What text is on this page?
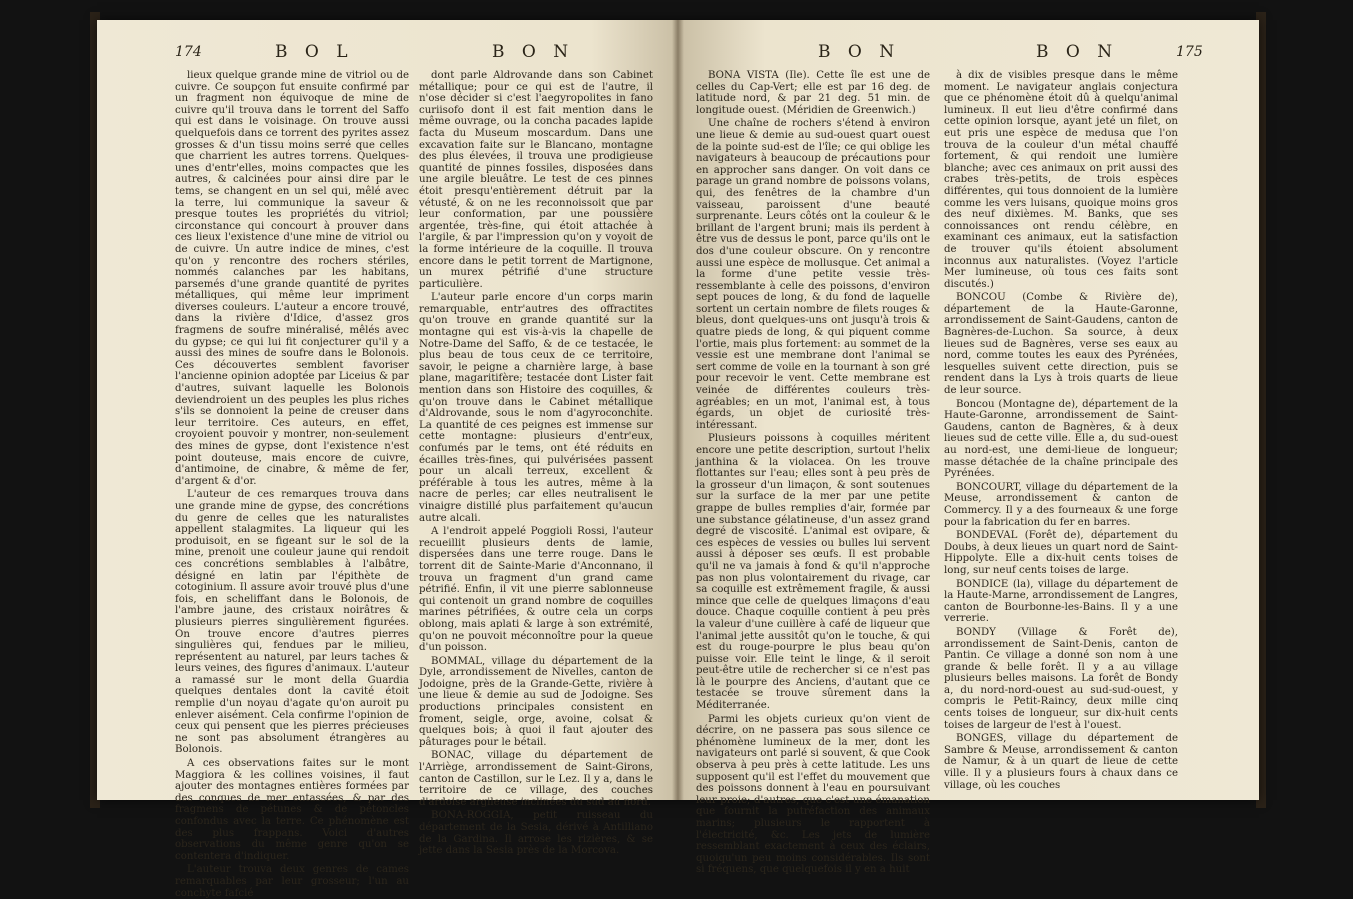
174	B O L	B O N

lieux quelque grande mine de vitriol ou de cuivre. Ce soupçon fut ensuite confirmé par un fragment non équivoque de mine de cuivre qu'il trouva dans le torrent del Saffo qui est dans le voisinage. On trouve aussi quelquefois dans ce torrent des pyrites assez grosses & d'un tissu moins serré que celles que charrient les autres torrens. Quelques-unes d'entr'elles, moins compactes que les autres, & calcinées pour ainsi dire par le tems, se changent en un sel qui, mêlé avec la terre, lui communique la saveur & presque toutes les propriétés du vitriol; circonstance qui concourt à prouver dans ces lieux l'existence d'une mine de vitriol ou de cuivre. Un autre indice de mines, c'est qu'on y rencontre des rochers stériles, nommés calanches par les habitans, parsemés d'une grande quantité de pyrites métalliques, qui même leur impriment diverses couleurs. L'auteur a encore trouvé, dans la rivière d'Idice, d'assez gros fragmens de soufre minéralisé, mêlés avec du gypse; ce qui lui fit conjecturer qu'il y a aussi des mines de soufre dans le Bolonois. Ces découvertes semblent favoriser l'ancienne opinion adoptée par Liceius & par d'autres, suivant laquelle les Bolonois deviendroient un des peuples les plus riches s'ils se donnoient la peine de creuser dans leur territoire. Ces auteurs, en effet, croyoient pouvoir y montrer, non-seulement des mines de gypse, dont l'existence n'est point douteuse, mais encore de cuivre, d'antimoine, de cinabre, & même de fer, d'argent & d'or.

L'auteur de ces remarques trouva dans une grande mine de gypse, des concrétions du genre de celles que les naturalistes appellent stalagmites. La liqueur qui les produisoit, en se figeant sur le sol de la mine, prenoit une couleur jaune qui rendoit ces concrétions semblables à l'albâtre, désigné en latin par l'épithète de cotoginium. Il assure avoir trouvé plus d'une fois, en scheliffant dans le Bolonois, de l'ambre jaune, des cristaux noirâtres & plusieurs pierres singulièrement figurées. On trouve encore d'autres pierres singulières qui, fendues par le milieu, représentent au naturel, par leurs taches & leurs veines, des figures d'animaux. L'auteur a ramassé sur le mont della Guardia quelques dentales dont la cavité étoit remplie d'un noyau d'agate qu'on auroit pu enlever aisément. Cela confirme l'opinion de ceux qui pensent que les pierres précieuses ne sont pas absolument étrangères au Bolonois.

A ces observations faites sur le mont Maggiora & les collines voisines, il faut ajouter des montagnes entières formées par des conques de mer entassées, & par des fragmens de pétunes & de pétoncles confondus avec la terre. Ce phénomène est des plus frappans. Voici d'autres observations du même genre qu'on se contentera d'indiquer.

L'auteur trouva deux genres de cames remarquables par leur grosseur; l'un au conchyte fafcié

dont parle Aldrovande dans son Cabinet métallique; pour ce qui est de l'autre, il n'ose décider si c'est l'aegyropolites in fano curiisofo dont il est fait mention dans le même ouvrage, ou la concha pacades lapide facta du Museum moscardum. Dans une excavation faite sur le Blancano, montagne des plus élevées, il trouva une prodigieuse quantité de pinnes fossiles, disposées dans une argile bleuâtre. Le test de ces pinnes étoit presqu'entièrement détruit par la vétusté, & on ne les reconnoissoit que par leur conformation, par une poussière argentée, très-fine, qui étoit attachée à l'argile, & par l'impression qu'on y voyoit de la forme intérieure de la coquille. Il trouva encore dans le petit torrent de Martignone, un murex pétrifié d'une structure particulière.

L'auteur parle encore d'un corps marin remarquable, entr'autres des offractites qu'on trouve en grande quantité sur la montagne qui est vis-à-vis la chapelle de Notre-Dame del Saffo, & de ce testacée, le plus beau de tous ceux de ce territoire, savoir, le peigne a charnière large, à base plane, magaritifère; testacée dont Lister fait mention dans son Histoire des coquilles, & qu'on trouve dans le Cabinet métallique d'Aldrovande, sous le nom d'agyroconchite. La quantité de ces peignes est immense sur cette montagne: plusieurs d'entr'eux, confumés par le tems, ont été réduits en écailles très-fines, qui pulvérisées passent pour un alcali terreux, excellent & préférable à tous les autres, même à la nacre de perles; car elles neutralisent le vinaigre distillé plus parfaitement qu'aucun autre alcali.

A l'endroit appelé Poggioli Rossi, l'auteur recueillit plusieurs dents de lamie, dispersées dans une terre rouge. Dans le torrent dit de Sainte-Marie d'Anconnano, il trouva un fragment d'un grand came pétrifié. Enfin, il vit une pierre sablonneuse qui contenoit un grand nombre de coquilles marines pétrifiées, & outre cela un corps oblong, mais aplati & large à son extrémité, qu'on ne pouvoit méconnoître pour la queue d'un poisson.

BOMMAL, village du département de la Dyle, arrondissement de Nivelles, canton de Jodoigne, près de la Grande-Gette, rivière à une lieue & demie au sud de Jodoigne. Ses productions principales consistent en froment, seigle, orge, avoine, colsat & quelques bois; à quoi il faut ajouter des pâturages pour le bétail.

BONAC, village du département de l'Arriège, arrondissement de Saint-Girons, canton de Castillon, sur le Lez. Il y a, dans le territoire de ce village, des couches d'ardoise argileuse inclinées du sud au nord.

BONA-ROGGIA, petit ruisseau du département de la Sesia, dérivé à Antilliano de la Gardina. Il arrose les rizières, & se jette dans la Sesia près de la Morcova.

B O N	B O N	175

BONA VISTA (Ile). Cette île est une de celles du Cap-Vert; elle est par 16 deg. de latitude nord, & par 21 deg. 51 min. de longitude ouest. (Méridien de Greenwich.)

Une chaîne de rochers s'étend à environ une lieue & demie au sud-ouest quart ouest de la pointe sud-est de l'île; ce qui oblige les navigateurs à beaucoup de précautions pour en approcher sans danger. On voit dans ce parage un grand nombre de poissons volans, qui, des fenêtres de la chambre d'un vaisseau, paroissent d'une beauté surprenante. Leurs côtés ont la couleur & le brillant de l'argent bruni; mais ils perdent à être vus de dessus le pont, parce qu'ils ont le dos d'une couleur obscure. On y rencontre aussi une espèce de mollusque. Cet animal a la forme d'une petite vessie très-ressemblante à celle des poissons, d'environ sept pouces de long, & du fond de laquelle sortent un certain nombre de filets rouges & bleus, dont quelques-uns ont jusqu'à trois & quatre pieds de long, & qui piquent comme l'ortie, mais plus fortement: au sommet de la vessie est une membrane dont l'animal se sert comme de voile en la tournant à son gré pour recevoir le vent. Cette membrane est veinée de différentes couleurs très-agréables; en un mot, l'animal est, à tous égards, un objet de curiosité très-intéressant.

Plusieurs poissons à coquilles méritent encore une petite description, surtout l'helix janthina & la violacea. On les trouve flottantes sur l'eau; elles sont à peu près de la grosseur d'un limaçon, & sont soutenues sur la surface de la mer par une petite grappe de bulles remplies d'air, formée par une substance gélatineuse, d'un assez grand degré de viscosité. L'animal est ovipare, & ces espèces de vessies ou bulles lui servent aussi à déposer ses œufs. Il est probable qu'il ne va jamais à fond & qu'il n'approche pas non plus volontairement du rivage, car sa coquille est extrêmement fragile, & aussi mince que celle de quelques limaçons d'eau douce. Chaque coquille contient à peu près la valeur d'une cuillère à café de liqueur que l'animal jette aussitôt qu'on le touche, & qui est du rouge-pourpre le plus beau qu'on puisse voir. Elle teint le linge, & il seroit peut-être utile de rechercher si ce n'est pas là le pourpre des Anciens, d'autant que ce testacée se trouve sûrement dans la Méditerranée.

Parmi les objets curieux qu'on vient de décrire, on ne passera pas sous silence ce phénomène lumineux de la mer, dont les navigateurs ont parlé si souvent, & que Cook observa à peu près à cette latitude. Les uns supposent qu'il est l'effet du mouvement que des poissons donnent à l'eau en poursuivant leur proie; d'autres, que c'est une émanation que fournit la putréfaction des animaux marins; plusieurs le rapportent à l'électricité, &c. Les jets de lumière ressemblant exactement à ceux des éclairs, quoiqu'un peu moins considérables. Ils sont si fréquens, que quelquefois il y en a huit

à dix de visibles presque dans le même moment. Le navigateur anglais conjectura que ce phénomène étoit dû à quelqu'animal lumineux. Il eut lieu d'être confirmé dans cette opinion lorsque, ayant jeté un filet, on eut pris une espèce de medusa que l'on trouva de la couleur d'un métal chauffé fortement, & qui rendoit une lumière blanche; avec ces animaux on prit aussi des crabes très-petits, de trois espèces différentes, qui tous donnoient de la lumière comme les vers luisans, quoique moins gros des neuf dixièmes. M. Banks, que ses connoissances ont rendu célèbre, en examinant ces animaux, eut la satisfaction de trouver qu'ils étoient absolument inconnus aux naturalistes. (Voyez l'article Mer lumineuse, où tous ces faits sont discutés.)

BONCOU (Combe & Rivière de), département de la Haute-Garonne, arrondissement de Saint-Gaudens, canton de Bagnères-de-Luchon. Sa source, à deux lieues sud de Bagnères, verse ses eaux au nord, comme toutes les eaux des Pyrénées, lesquelles suivent cette direction, puis se rendent dans la Lys à trois quarts de lieue de leur source.

Boncou (Montagne de), département de la Haute-Garonne, arrondissement de Saint-Gaudens, canton de Bagnères, & à deux lieues sud de cette ville. Elle a, du sud-ouest au nord-est, une demi-lieue de longueur; masse détachée de la chaîne principale des Pyrénées.

BONCOURT, village du département de la Meuse, arrondissement & canton de Commercy. Il y a des fourneaux & une forge pour la fabrication du fer en barres.

BONDEVAL (Forêt de), département du Doubs, à deux lieues un quart nord de Saint-Hippolyte. Elle a dix-huit cents toises de long, sur neuf cents toises de large.

BONDICE (la), village du département de la Haute-Marne, arrondissement de Langres, canton de Bourbonne-les-Bains. Il y a une verrerie.

BONDY (Village & Forêt de), arrondissement de Saint-Denis, canton de Pantin. Ce village a donné son nom à une grande & belle forêt. Il y a au village plusieurs belles maisons. La forêt de Bondy a, du nord-nord-ouest au sud-sud-ouest, y compris le Petit-Raincy, deux mille cinq cents toises de longueur, sur dix-huit cents toises de largeur de l'est à l'ouest.

BONGES, village du département de Sambre & Meuse, arrondissement & canton de Namur, & à un quart de lieue de cette ville. Il y a plusieurs fours à chaux dans ce village, où les couches
